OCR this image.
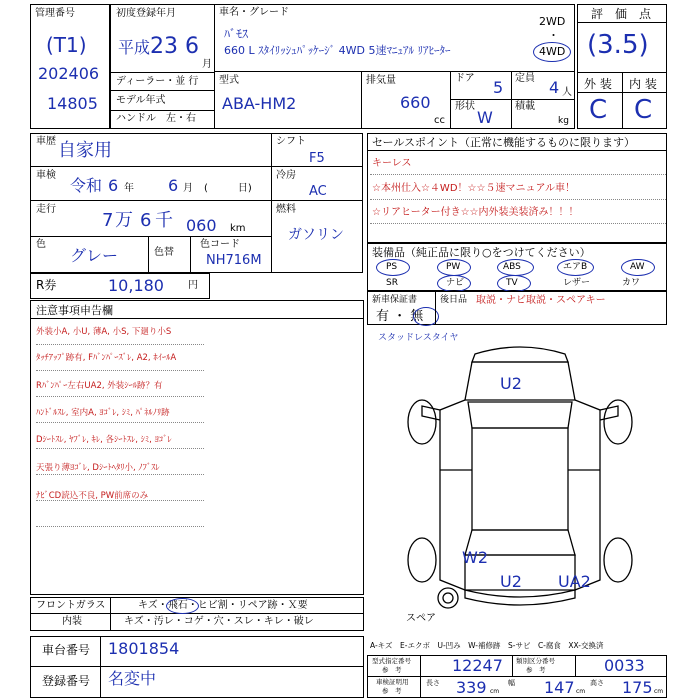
管理番号
(T1)
202406
14805
初度登録年月
平成 23 6
月
ディーラー・並 行
モデル年式
ハンドル　左・右
車名・グレード
ﾊﾞﾓｽ
660 L ｽﾀｲﾘｯｼｭﾊﾟｯｹｰｼﾞ 4WD 5速ﾏﾆｭｱﾙ ﾘｱﾋｰﾀｰ
2WD
・
4WD
型式
ABA-HM2
排気量
660
cc
ドア 5
形状
W
定員 4 人
積載
kg
評　価　点
(3.5)
外 装 内 装
C C
車歴 自家用
車検
令和 6 年 6 月 (　　　日)
走行
7 万 6 千 060 km
色
グレー	色替
色コード
NH716M
シフト
F5
冷房
AC
燃料
ガソリン
R券	10,180 円
セールスポイント（正常に機能するものに限ります）
キーレス
☆本州仕入☆４WD！☆☆５速マニュアル車！
☆リアヒーター付き☆☆内外装美装済み！！！
装備品（純正品に限り○をつけてください）
PS	PW	ABS	エアB	AW
SR	ナビ	TV	レザー	カワ
新車保証書
有 ・ 無
後日品 取説・ナビ取説・スペアキー
注意事項申告欄
外装小A, 小U, 薄A, 小S, 下廻り小S
ﾀｯﾁｱｯﾌﾟ跡有, Fﾊﾞﾝﾊﾟｰｽﾞﾚ, A2, ﾎｲｰﾙA
Rﾊﾞﾝﾊﾟｰ左右UA2, 外装ｼｰﾙ跡？有
ﾊﾝﾄﾞﾙｽﾚ, 室内A, ﾖｺﾞﾚ, ｼﾐ, ﾊﾟﾈﾙﾉﾘ跡
Dｼｰﾄｽﾚ, ﾔﾌﾞﾚ, ｷﾚ, 各ｼｰﾄｽﾚ, ｼﾐ, ﾖｺﾞﾚ
天張り薄ﾖｺﾞﾚ, Dｼｰﾄﾍﾀﾘ小, ﾉﾌﾞｽﾚ
ﾅﾋﾞCD読込不良, PW前席のみ
スタッドレスタイヤ
U2
W2
U2 UA2
スペア
フロントガラス	キズ・飛石・ヒビ割・リペア跡・Ｘ要
内装	キズ・汚レ・コゲ・穴・スレ・キレ・破レ
車台番号 1801854
登録番号 名変中
A-キズ　E-エクボ　U-凹み　W-補修跡　S-サビ　C-腐食　XX-交換済
型式指定番号
参　考	12247 類別区分番号
参　考	0033
車検証明用
参　考
長さ 339 cm
幅 147 cm
高さ 175 cm
